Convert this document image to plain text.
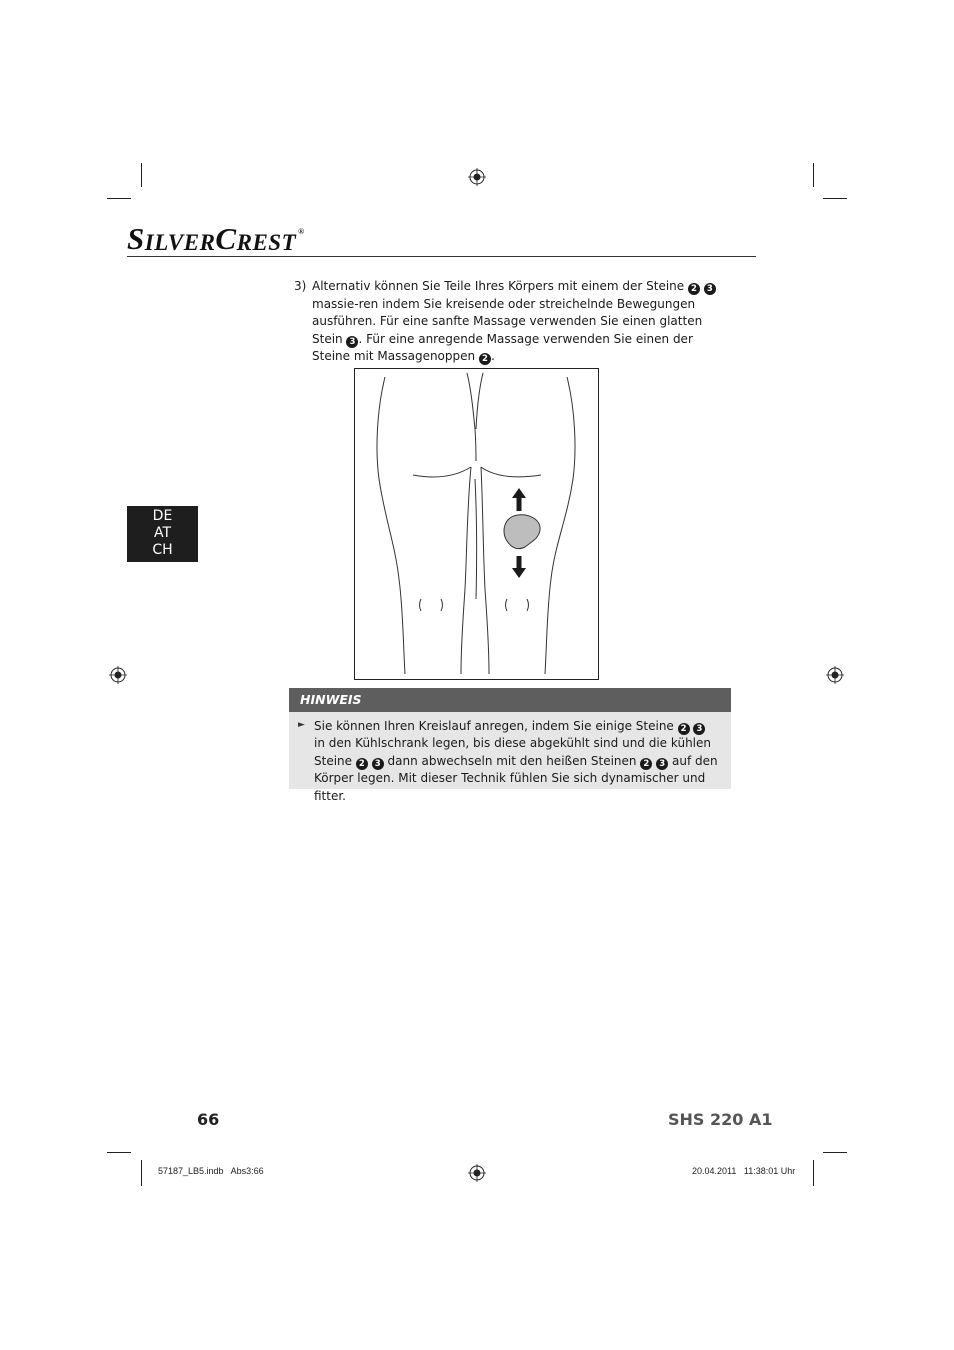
S ILVER C REST ®
3) Alternativ können Sie Teile Ihres Körpers mit einem der Steine 2 3 massie-ren indem Sie kreisende oder streichelnde Bewegungen ausführen. Für eine sanfte Massage verwenden Sie einen glatten Stein 3 . Für eine anregende Massage verwenden Sie einen der Steine mit Massagenoppen 2 .
DE
AT
CH
HINWEIS
► Sie können Ihren Kreislauf anregen, indem Sie einige Steine 2 3 in den Kühlschrank legen, bis diese abgekühlt sind und die kühlen Steine 2 3 dann abwechseln mit den heißen Steinen 2 3 auf den Körper legen. Mit dieser Technik fühlen Sie sich dynamischer und fitter.
66	SHS 220 A1
57187_LB5.indb   Abs3:66	20.04.2011   11:38:01 Uhr
